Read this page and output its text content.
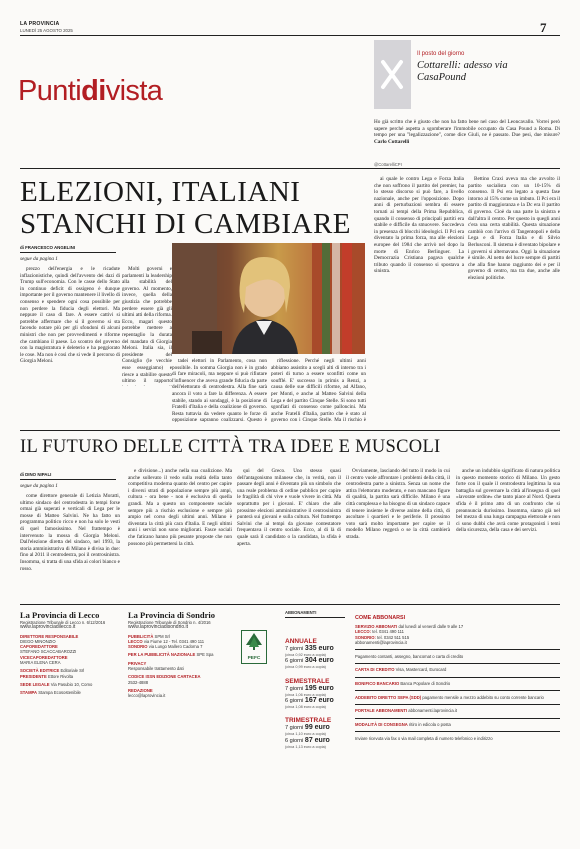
LA PROVINCIA
LUNEDÌ 25 AGOSTO 2025	7
Puntidivista
Il posto del giorno
Cottarelli: adesso via CasaPound
Ho già scritto che è giusto che non ha fatto bene nel caso del Leoncavallo. Vorrei però sapere perché aspetta a sgomberare l'immobile occupato da Casa Pound a Roma. Di tempo per una "legalizzazione", come dice Giuli, ne è passato. Due pesi, due misure? Carlo Cottarelli
@CottarelliCPI
ELEZIONI, ITALIANI
STANCHI DI CAMBIARE
di FRANCESCO ANGELINI
segue da pagina 1

prezzo dell'energia e le ricadute inflazionistiche, quindi dell'avvento dei dazi di Trump sull'economia. Con le casse dello Stato in continuo deficit di ossigeno è dunque importante per il governo mantenere il livello di consenso e spendere ogni cosa possibile per non perdere la fiducia degli elettori. Ma neppure il caso di fare. A essere cattivi si potrebbe affermare che si il governo si sta facendo notare più per gli sfondoni di alcuni ministri che non per provvedimenti e riforme che cambiano il paese. Lo scontro del governo con la magistratura è deleterio e ha peggiorato le cose. Ma non è così che si vede il percorso di Giorgia Meloni.

Molti governi e parlamenti la leadership alla stabilità del governo. Al momento, invece, quella della giustizia che potrebbe perdere essere già gli ultimi atti della riforma. Ecco, magari questo potrebbe mettere a repentaglio la durata del mandato di Giorgia Meloni. Italia sia, il presidente del Consiglio (le vecchie esse esseggiamo) e riesce a stabilire questo ultimo il rapporto

tadei elettori in Parlamento, cosa non possibile. In somma Giorgia non è in grado di fare miracoli, ma neppure si può rifiutare l'influencer che aveva grande fiducia da parte dell'elettorato di centrodestra. Alla fine sarà ancora il voto a fare la differenza. A essere stabile, stando ai sondaggi, è la posizione di Fratelli d'Italia e della coalizione di governo. Resta tuttavia da vedere quanto le forze di opposizione sapranno coalizzarsi. Questo è

riflessione. Perché negli ultimi anni abbiamo assistito a scegli alti di interno tra i poteri di turno a essere sconfitti come un soufflé. E' successo in primis a Renzi, a causa delle sue difficili riforme, ad Alfano, per Monti, e anche al Matteo Salvini della Lega e del partito Cinque Stelle. Si sono tutti sgonfiati di consenso come palloncini. Ma anche Fratelli d'Italia, partito che è stato al governo con i Cinque Stelle. Ma il rischio è

ai quale le contro Lega e Forza Italia che non soffrono il partito del premier, ha lo stesso discorso si può fare, a livello nazionale, anche per l'opposizione. Dopo anni di perturbazioni sembra di essere tornati ai tempi della Prima Repubblica, quando il consenso di principali partiti era stabile e difficile da smuovere. Succedeva in presenza di blocchi ideologici. Il Pci era diventato la prima forza, ma alle elezioni europee del 1984 che arrivò nel dopo la morte di Enrico Berlinguer. La Democrazia Cristiana pagava qualche tributo quando il consenso si spostava a sinistra.

Bettino Craxi aveva ma che avvolto il partito socialista con un 10-15% di consenso. Il Psi era legato a questa fase intorno al 15% come un imbuto. Il Pci era il partito di maggioranza e la Dc era il partito di governo. Cioè da una parte la sinistra e dall'altra il centro. Per questo in quegli anni c'era una certa stabilità. Questa situazione cambiò con l'arrivo di Tangentopoli e della Lega e di Forza Italia e di Silvio Berlusconi. Il sistema è diventato bipolare e i governi si alternavano. Oggi la situazione è simile. Al netto del lucre sempre di partiti che alla fine hanno raggiunto dei e per il governo di centro, ma tra due, anche alle elezioni politiche.

IL FUTURO DELLE CITTÀ TRA IDEE E MUSCOLI
di DINO NIPALI
segue da pagina 1

come direttore generale di Letizia Moratti, ultimo sindaco del centrodestra in tempi forse ormai già superati e verticali di Lega per le mosse di Matteo Salvini. Ne ha fatto un programma politico ricco e non ha solo le vesti di quel famosissimo. Nel frattempo è intervenuto la mossa di Giorgia Meloni. Dall'elezione diretta del sindaco, nel 1993, la storia amministrativa di Milano è divisa in due: fino al 2011 il centrodestra, poi il centrosinistra. Insomma, si tratta di una sfida ai colori bianco e rosso.

e divisione...) anche nella sua coalizione. Ma anche sollevato il vedo sulla realtà della tanto competitiva moderna quanto del centro per capire i diversi strati di popolazione sempre più ampi, cultura - ora bene - non è esclusiva di quella grandi. Ma a questo un componente sociale sempre più a rischio esclusione e sempre più ampio nel corso degli ultimi anni. Milano è diventata la città più cara d'Italia. E negli ultimi anni i servizi non sono migliorati. Fasce sociali che faticano hanno più pesante proposte che non possono più permettersi la città.

qui del Greco. Uno stesso quasi dell'antagonismo milanese che, in verità, non il passare degli anni è diventato più un simbolo che una reale problema di ordine pubblico per capire le fragilità di chi vive e vuole vivere in città. Ma soprattutto per i giovani. E' chiaro che alle prossime elezioni amministrative il centrosinistra punterà sui giovani e sulla cultura. Nel frattempo Salvini che ai tempi da giovane contestatore frequentava il centro sociale. Ecco, al di là di quale sarà il candidato o la candidata, la sfida è aperta.

Ovviamente, lasciando del tutto il modo in cui il centro vuole affrontare i problemi della città, il centrodestra parte a sinistra. Senza un nome che attira l'elettorato moderato, e non mancano figure di qualità, la partita sarà difficile. Milano è una città complessa e ha bisogno di un sindaco capace di tenere insieme le diverse anime della città, di ascoltare i quartieri e le periferie. Il prossimo voto sarà molto importante per capire se il modello Milano reggerà o se la città cambierà strada.

anche un indubbio significato di natura politica in questo momento storico di Milano. Un gesto forte con il quale il centrodestra legittima la sua battaglia sul governare la città all'insegna di quel «lavorate ordine» che tanto piace al Nord. Questa sfida è il primo atto di un confronto che si preannuncia durissimo. Insomma, siamo già nel bel mezzo di una lunga campagna elettorale e non ci sono dubbi che avrà come protagonisti i temi della sicurezza, della casa e dei servizi.

La Provincia di Lecco
Registrazione Tribunale di Lecco n. 6/12/2016
www.laprovinciadilecco.it
DIRETTORE RESPONSABILE
DIEGO MINONZIO
CAPOREDATTORE
STEFANO SCACCABAROZZI
VICECAPOREDATTORE
MARIA ELENA CERA
SOCIETÀ EDITRICE Editoriale Srl
PRESIDENTE Ettore Rivolta
SEDE LEGALE Via Pasubio 10, Como
STAMPA Stampa Ecosostenibile
La Provincia di Sondrio
Registrazione Tribunale di Sondrio n. 4/2016
www.laprovinciadisondrio.it
PUBBLICITÀ SPM Srl
LECCO via Fiume 12 - Tel. 0341 490 111
SONDRIO via Lungo Mallero Cadorna 7
PER LA PUBBLICITÀ NAZIONALE SPE Spa
PRIVACY
Responsabile trattamento dati
CODICE ISSN EDIZIONE CARTACEA
2532-4888
REDAZIONE
lecco@laprovincia.it
PEFC
ABBONAMENTI
ANNUALE
7 giorni 335 euro
(circa 0,92 euro a copia)
6 giorni 304 euro
(circa 0,99 euro a copia)
SEMESTRALE
7 giorni 195 euro
(circa 1,06 euro a copia)
6 giorni 167 euro
(circa 1,08 euro a copia)
TRIMESTRALE
7 giorni 99 euro
(circa 1,10 euro a copia)
6 giorni 87 euro
(circa 1,13 euro a copia)
COME ABBONARSI
SERVIZIO ABBONATI dal lunedì al venerdì dalle 9 alle 17
LECCO: tel. 0341 490 111
SONDRIO: tel. 0342 511 515
abbonamenti@laprovincia.it
Pagamento contanti, assegno, bancomat o carta di credito
CARTA DI CREDITO Visa, Mastercard, Eurocard
BONIFICO BANCARIO Banca Popolare di Sondrio
ADDEBITO DIRETTO SEPA (SDD) pagamento mensile a mezzo addebito su conto corrente bancario
PORTALE ABBONAMENTI abbonamenti.laprovincia.it
MODALITÀ DI CONSEGNA ritiro in edicola o posta
Inviare ricevuta via fax o via mail completa di numero telefonico e indirizzo
